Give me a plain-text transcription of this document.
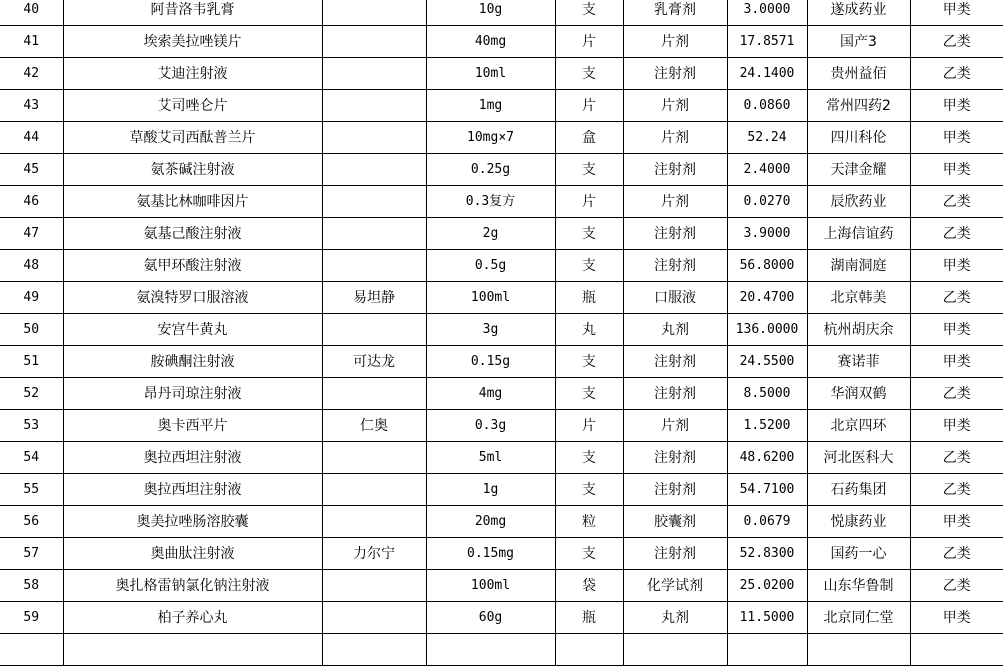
40	阿昔洛韦乳膏		10g	支	乳膏剂	3.0000	遂成药业	甲类
41	埃索美拉唑镁片		40mg	片	片剂	17.8571	国产3	乙类
42	艾迪注射液		10ml	支	注射剂	24.1400	贵州益佰	乙类
43	艾司唑仑片		1mg	片	片剂	0.0860	常州四药2	甲类
44	草酸艾司西酞普兰片		10mg×7	盒	片剂	52.24	四川科伦	甲类
45	氨茶碱注射液		0.25g	支	注射剂	2.4000	天津金耀	甲类
46	氨基比林咖啡因片		0.3复方	片	片剂	0.0270	辰欣药业	乙类
47	氨基己酸注射液		2g	支	注射剂	3.9000	上海信谊药	乙类
48	氨甲环酸注射液		0.5g	支	注射剂	56.8000	湖南洞庭	甲类
49	氨溴特罗口服溶液	易坦静	100ml	瓶	口服液	20.4700	北京韩美	乙类
50	安宫牛黄丸		3g	丸	丸剂	136.0000	杭州胡庆余	甲类
51	胺碘酮注射液	可达龙	0.15g	支	注射剂	24.5500	赛诺菲	甲类
52	昂丹司琼注射液		4mg	支	注射剂	8.5000	华润双鹤	乙类
53	奥卡西平片	仁奥	0.3g	片	片剂	1.5200	北京四环	甲类
54	奥拉西坦注射液		5ml	支	注射剂	48.6200	河北医科大	乙类
55	奥拉西坦注射液		1g	支	注射剂	54.7100	石药集团	乙类
56	奥美拉唑肠溶胶囊		20mg	粒	胶囊剂	0.0679	悦康药业	甲类
57	奥曲肽注射液	力尔宁	0.15mg	支	注射剂	52.8300	国药一心	乙类
58	奥扎格雷钠氯化钠注射液		100ml	袋	化学试剂	25.0200	山东华鲁制	乙类
59	柏子养心丸		60g	瓶	丸剂	11.5000	北京同仁堂	甲类
